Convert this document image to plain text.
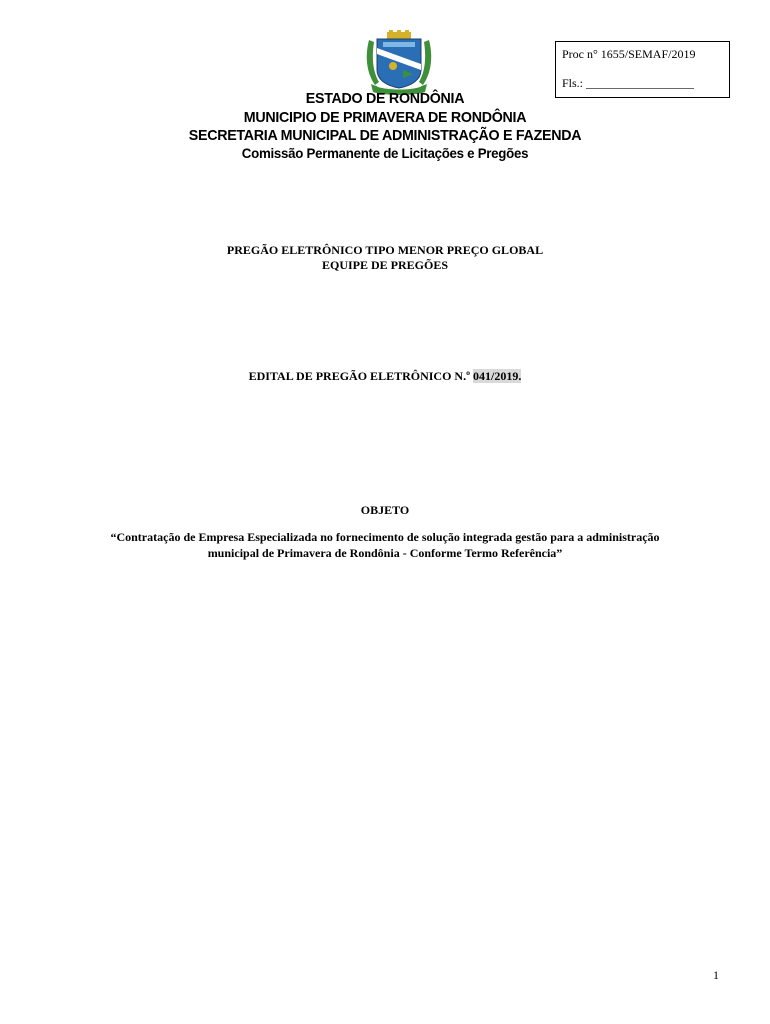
Proc n° 1655/SEMAF/2019
Fls.: __________________
ESTADO DE RONDÔNIA
MUNICIPIO DE PRIMAVERA DE RONDÔNIA
SECRETARIA MUNICIPAL DE ADMINISTRAÇÃO E FAZENDA
Comissão Permanente de Licitações e Pregões
PREGÃO ELETRÔNICO TIPO MENOR PREÇO GLOBAL
EQUIPE DE PREGÕES
EDITAL DE PREGÃO ELETRÔNICO N.º 041/2019.
OBJETO
“Contratação de Empresa Especializada no fornecimento de solução integrada gestão para a administração
municipal de Primavera de Rondônia - Conforme Termo Referência”
1
